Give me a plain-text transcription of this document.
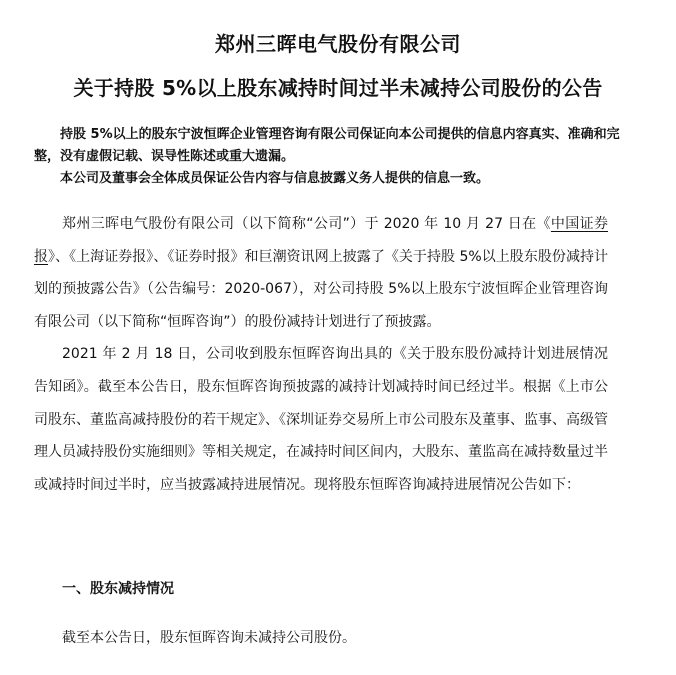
郑州三晖电气股份有限公司
关于持股 5%以上股东减持时间过半未减持公司股份的公告

持股 5%以上的股东宁波恒晖企业管理咨询有限公司保证向本公司提供的信息内容真实、准确和完整，没有虚假记载、误导性陈述或重大遗漏。

本公司及董事会全体成员保证公告内容与信息披露义务人提供的信息一致。

郑州三晖电气股份有限公司（以下简称“公司”）于 2020 年 10 月 27 日在《中国证券报》、《上海证券报》、《证券时报》和巨潮资讯网上披露了《关于持股 5%以上股东股份减持计划的预披露公告》（公告编号：2020-067），对公司持股 5%以上股东宁波恒晖企业管理咨询有限公司（以下简称“恒晖咨询”）的股份减持计划进行了预披露。

2021 年 2 月 18 日，公司收到股东恒晖咨询出具的《关于股东股份减持计划进展情况告知函》。截至本公告日，股东恒晖咨询预披露的减持计划减持时间已经过半。根据《上市公司股东、董监高减持股份的若干规定》、《深圳证券交易所上市公司股东及董事、监事、高级管理人员减持股份实施细则》等相关规定，在减持时间区间内，大股东、董监高在减持数量过半或减持时间过半时，应当披露减持进展情况。现将股东恒晖咨询减持进展情况公告如下：

一、股东减持情况
截至本公告日，股东恒晖咨询未减持公司股份。
